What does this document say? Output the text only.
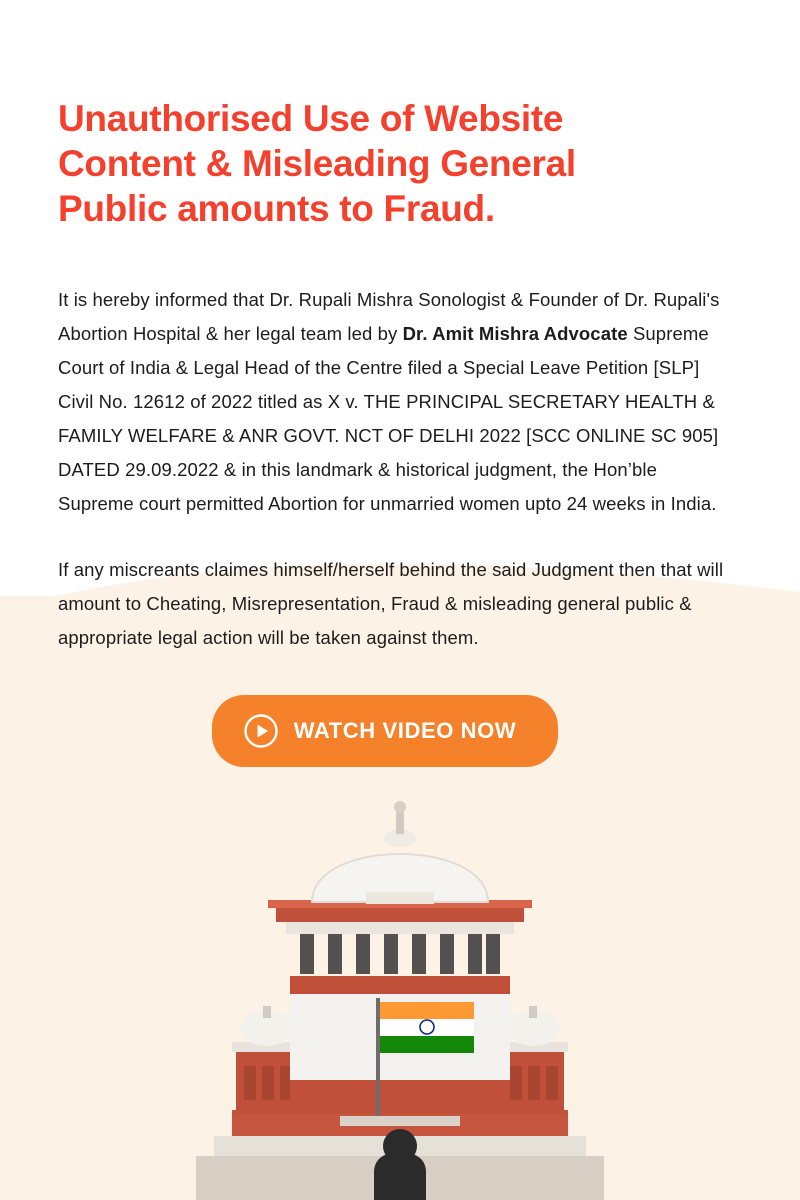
Unauthorised Use of Website Content & Misleading General Public amounts to Fraud.

It is hereby informed that Dr. Rupali Mishra Sonologist & Founder of Dr. Rupali's Abortion Hospital & her legal team led by Dr. Amit Mishra Advocate Supreme Court of India & Legal Head of the Centre filed a Special Leave Petition [SLP] Civil No. 12612 of 2022 titled as X v. THE PRINCIPAL SECRETARY HEALTH & FAMILY WELFARE & ANR GOVT. NCT OF DELHI 2022 [SCC ONLINE SC 905] DATED 29.09.2022 & in this landmark & historical judgment, the Hon’ble Supreme court permitted Abortion for unmarried women upto 24 weeks in India.

If any miscreants claimes himself/herself behind the said Judgment then that will amount to Cheating, Misrepresentation, Fraud & misleading general public & appropriate legal action will be taken against them.

WATCH VIDEO NOW
